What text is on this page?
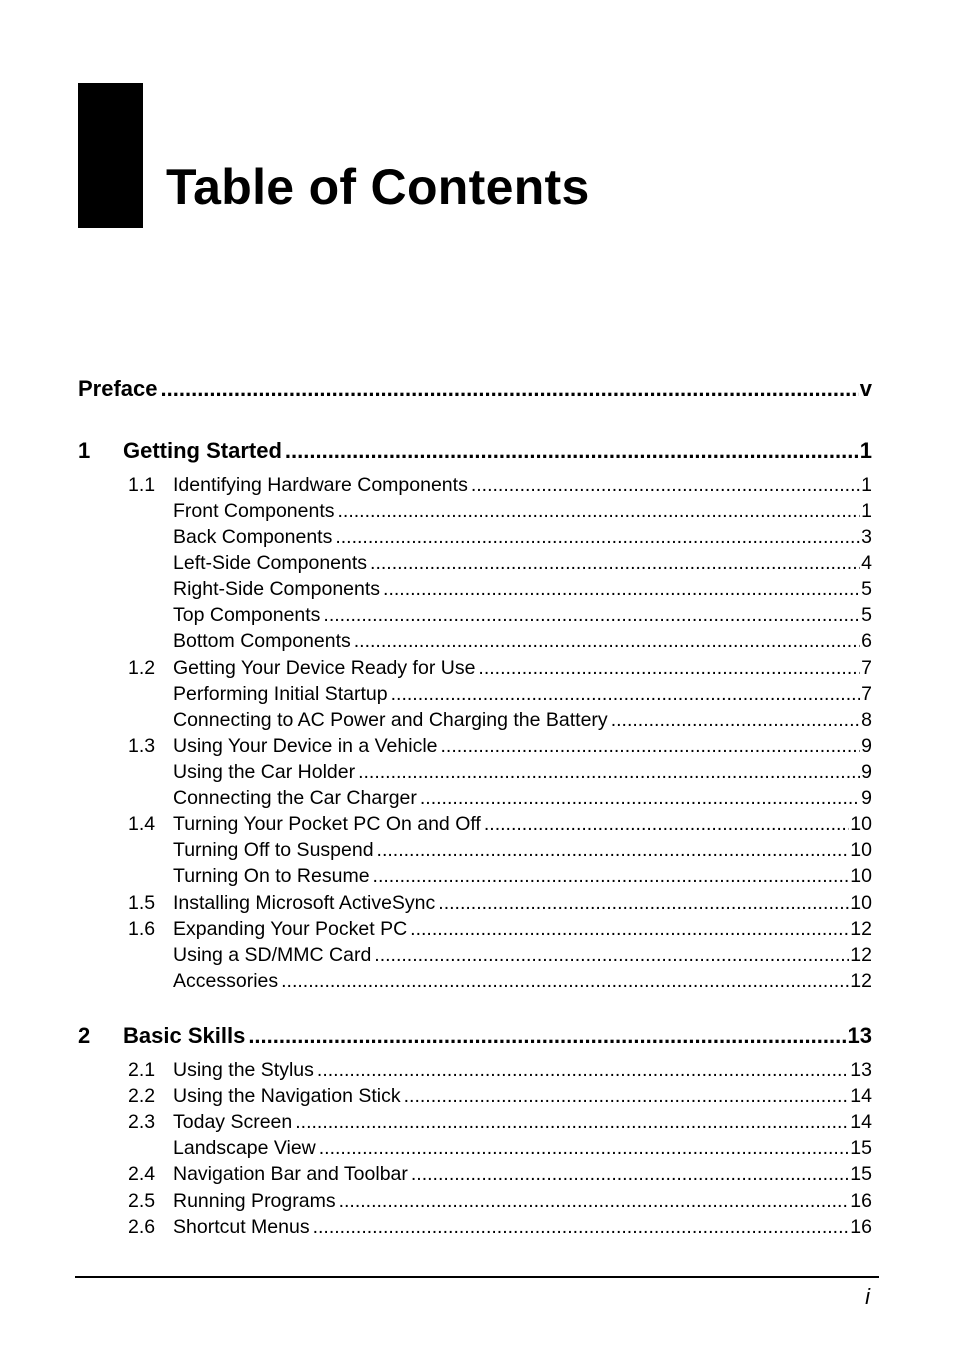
Table of Contents
Preface .....	v
1	Getting Started .....	1
1.1 Identifying Hardware Components .....	1
Front Components .....	1
Back Components .....	3
Left-Side Components .....	4
Right-Side Components .....	5
Top Components .....	5
Bottom Components .....	6
1.2 Getting Your Device Ready for Use .....	7
Performing Initial Startup .....	7
Connecting to AC Power and Charging the Battery .....	8
1.3 Using Your Device in a Vehicle .....	9
Using the Car Holder .....	9
Connecting the Car Charger .....	9
1.4 Turning Your Pocket PC On and Off .....	10
Turning Off to Suspend .....	10
Turning On to Resume .....	10
1.5 Installing Microsoft ActiveSync .....	10
1.6 Expanding Your Pocket PC .....	12
Using a SD/MMC Card .....	12
Accessories .....	12
2	Basic Skills .....	13
2.1 Using the Stylus .....	13
2.2 Using the Navigation Stick .....	14
2.3 Today Screen .....	14
Landscape View .....	15
2.4 Navigation Bar and Toolbar .....	15
2.5 Running Programs .....	16
2.6 Shortcut Menus .....	16
i
